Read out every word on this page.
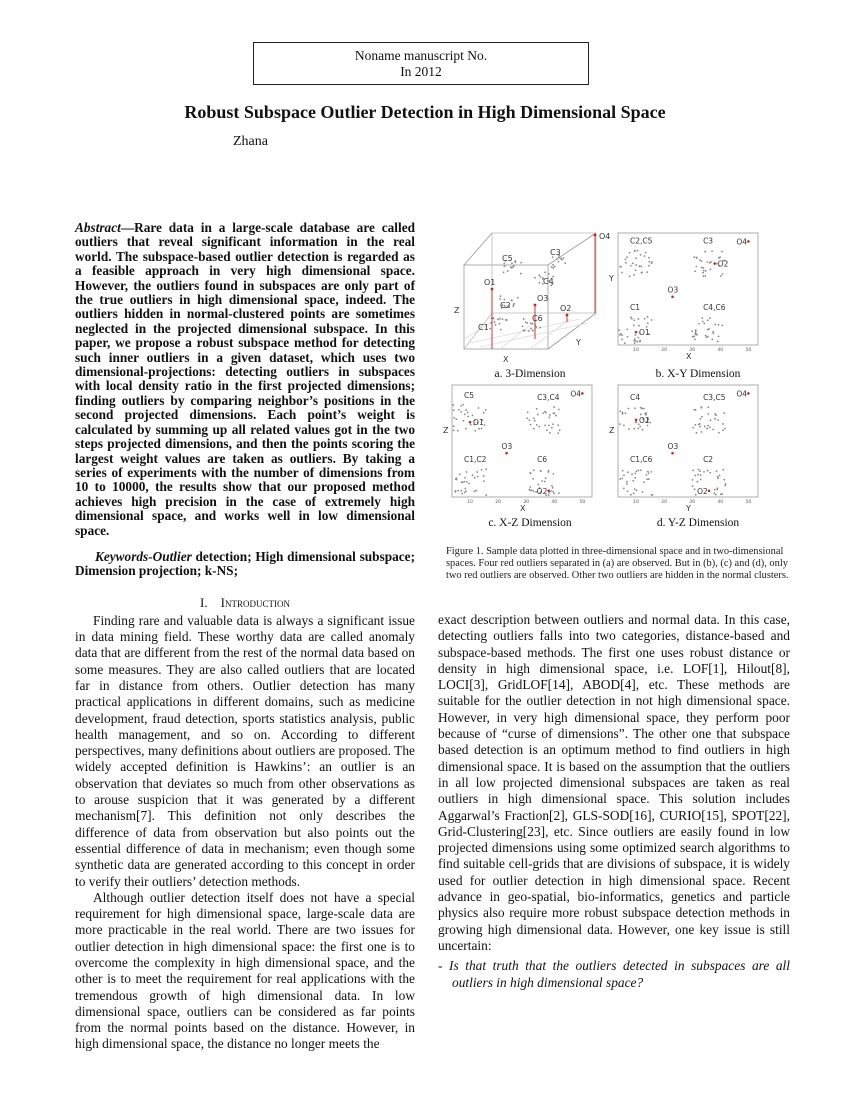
Noname manuscript No.
In 2012
Robust Subspace Outlier Detection in High Dimensional Space
Zhana
Abstract—Rare data in a large-scale database are called outliers that reveal significant information in the real world. The subspace-based outlier detection is regarded as a feasible approach in very high dimensional space. However, the outliers found in subspaces are only part of the true outliers in high dimensional space, indeed. The outliers hidden in normal-clustered points are sometimes neglected in the projected dimensional subspace. In this paper, we propose a robust subspace method for detecting such inner outliers in a given dataset, which uses two dimensional-projections: detecting outliers in subspaces with local density ratio in the first projected dimensions; finding outliers by comparing neighbor’s positions in the second projected dimensions. Each point’s weight is calculated by summing up all related values got in the two steps projected dimensions, and then the points scoring the largest weight values are taken as outliers. By taking a series of experiments with the number of dimensions from 10 to 10000, the results show that our proposed method achieves high precision in the case of extremely high dimensional space, and works well in low dimensional space.
Keywords-Outlier detection; High dimensional subspace; Dimension projection; k-NS;
I. Introduction

Finding rare and valuable data is always a significant issue in data mining field. These worthy data are called anomaly data that are different from the rest of the normal data based on some measures. They are also called outliers that are located far in distance from others. Outlier detection has many practical applications in different domains, such as medicine development, fraud detection, sports statistics analysis, public health management, and so on. According to different perspectives, many definitions about outliers are proposed. The widely accepted definition is Hawkins’: an outlier is an observation that deviates so much from other observations as to arouse suspicion that it was generated by a different mechanism[7]. This definition not only describes the difference of data from observation but also points out the essential difference of data in mechanism; even though some synthetic data are generated according to this concept in order to verify their outliers’ detection methods.

Although outlier detection itself does not have a special requirement for high dimensional space, large-scale data are more practicable in the real world. There are two issues for outlier detection in high dimensional space: the first one is to overcome the complexity in high dimensional space, and the other is to meet the requirement for real applications with the tremendous growth of high dimensional data. In low dimensional space, outliers can be considered as far points from the normal points based on the distance. However, in high dimensional space, the distance no longer meets the

exact description between outliers and normal data. In this case, detecting outliers falls into two categories, distance-based and subspace-based methods. The first one uses robust distance or density in high dimensional space, i.e. LOF[1], Hilout[8], LOCI[3], GridLOF[14], ABOD[4], etc. These methods are suitable for the outlier detection in not high dimensional space. However, in very high dimensional space, they perform poor because of “curse of dimensions”. The other one that subspace based detection is an optimum method to find outliers in high dimensional space. It is based on the assumption that the outliers in all low projected dimensional subspaces are taken as real outliers in high dimensional space. This solution includes Aggarwal’s Fraction[2], GLS-SOD[16], CURIO[15], SPOT[22], Grid-Clustering[23], etc. Since outliers are easily found in low projected dimensions using some optimized search algorithms to find suitable cell-grids that are divisions of subspace, it is widely used for outlier detection in high dimensional space. Recent advance in geo-spatial, bio-informatics, genetics and particle physics also require more robust subspace detection methods in growing high dimensional data. However, one key issue is still uncertain:

- Is that truth that the outliers detected in subspaces are all outliers in high dimensional space?

C5
C3
O1	C4
C2
O3
C1
C6
O2
O4
X
Y
Z
10	20	30	40	50
X
Y
C2,C5	C3
C1	C4,C6
O4
O2
O3
O1
10	20	30	40	50
X
Z
C5	C3,C4
C1,C2	C6
O4
O1
O3
O2
10	20	30	40	50
Y
Z
C4	C3,C5
C1,C6	C2
O4
O1
O3
O2
a. 3-Dimension	b. X-Y Dimension
c. X-Z Dimension	d. Y-Z Dimension
Figure 1. Sample data plotted in three-dimensional space and in two-dimensional spaces. Four red outliers separated in (a) are observed. But in (b), (c) and (d), only two red outliers are observed. Other two outliers are hidden in the normal clusters.
